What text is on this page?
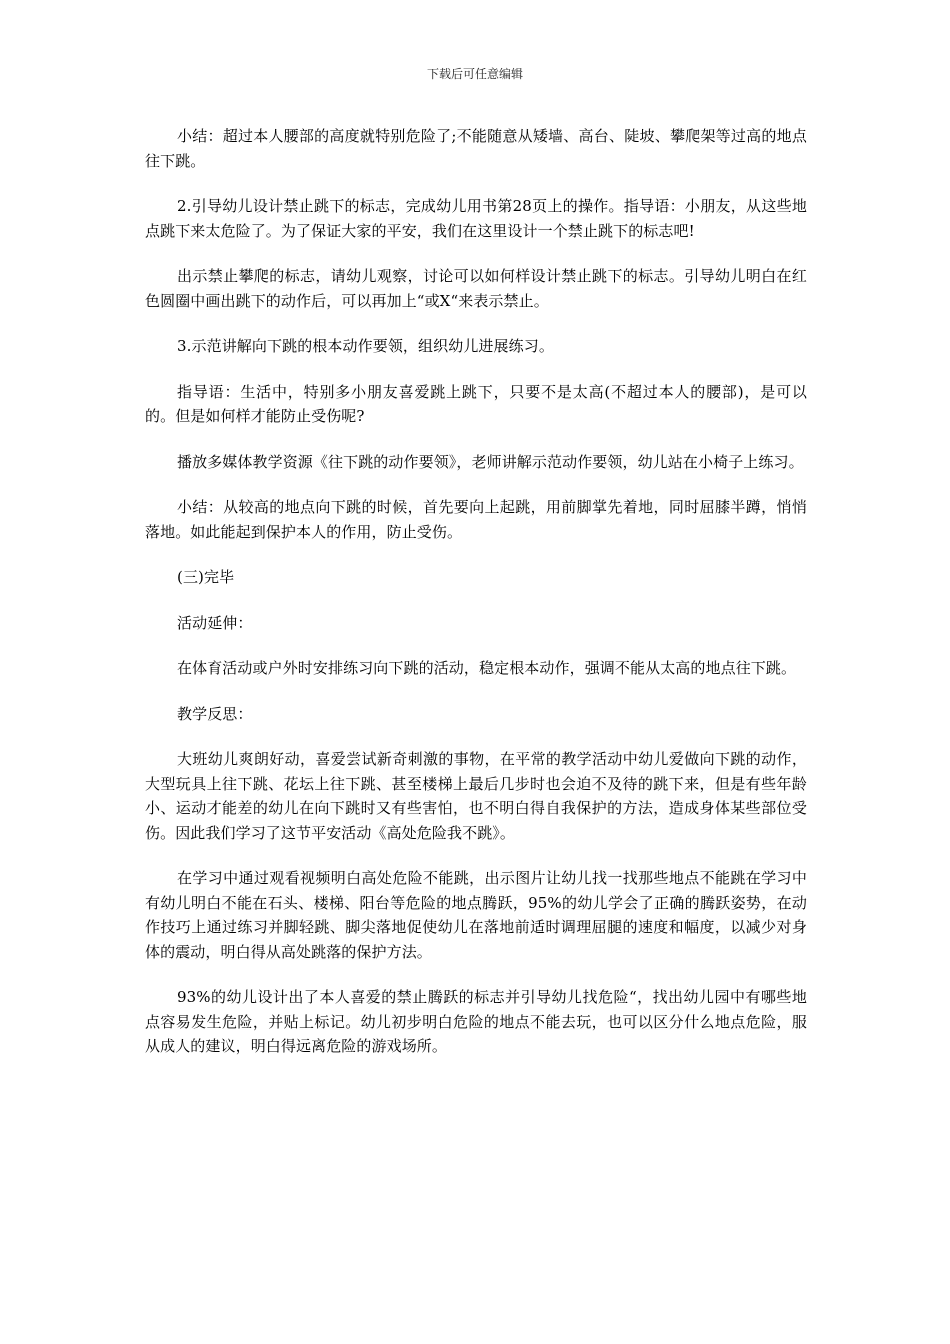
下载后可任意编辑

小结：超过本人腰部的高度就特别危险了;不能随意从矮墙、高台、陡坡、攀爬架等过高的地点往下跳。

2.引导幼儿设计禁止跳下的标志，完成幼儿用书第28页上的操作。指导语：小朋友，从这些地点跳下来太危险了。为了保证大家的平安，我们在这里设计一个禁止跳下的标志吧!

出示禁止攀爬的标志，请幼儿观察，讨论可以如何样设计禁止跳下的标志。引导幼儿明白在红色圆圈中画出跳下的动作后，可以再加上“或X“来表示禁止。

3.示范讲解向下跳的根本动作要领，组织幼儿进展练习。

指导语：生活中，特别多小朋友喜爱跳上跳下，只要不是太高(不超过本人的腰部)，是可以的。但是如何样才能防止受伤呢?

播放多媒体教学资源《往下跳的动作要领》，老师讲解示范动作要领，幼儿站在小椅子上练习。

小结：从较高的地点向下跳的时候，首先要向上起跳，用前脚掌先着地，同时屈膝半蹲，悄悄落地。如此能起到保护本人的作用，防止受伤。

(三)完毕

活动延伸：

在体育活动或户外时安排练习向下跳的活动，稳定根本动作，强调不能从太高的地点往下跳。

教学反思：

大班幼儿爽朗好动，喜爱尝试新奇刺激的事物，在平常的教学活动中幼儿爱做向下跳的动作，大型玩具上往下跳、花坛上往下跳、甚至楼梯上最后几步时也会迫不及待的跳下来，但是有些年龄小、运动才能差的幼儿在向下跳时又有些害怕，也不明白得自我保护的方法，造成身体某些部位受伤。因此我们学习了这节平安活动《高处危险我不跳》。

在学习中通过观看视频明白高处危险不能跳，出示图片让幼儿找一找那些地点不能跳在学习中有幼儿明白不能在石头、楼梯、阳台等危险的地点腾跃，95%的幼儿学会了正确的腾跃姿势，在动作技巧上通过练习并脚轻跳、脚尖落地促使幼儿在落地前适时调理屈腿的速度和幅度，以减少对身体的震动，明白得从高处跳落的保护方法。

93%的幼儿设计出了本人喜爱的禁止腾跃的标志并引导幼儿找危险“，找出幼儿园中有哪些地点容易发生危险，并贴上标记。幼儿初步明白危险的地点不能去玩，也可以区分什么地点危险，服从成人的建议，明白得远离危险的游戏场所。
